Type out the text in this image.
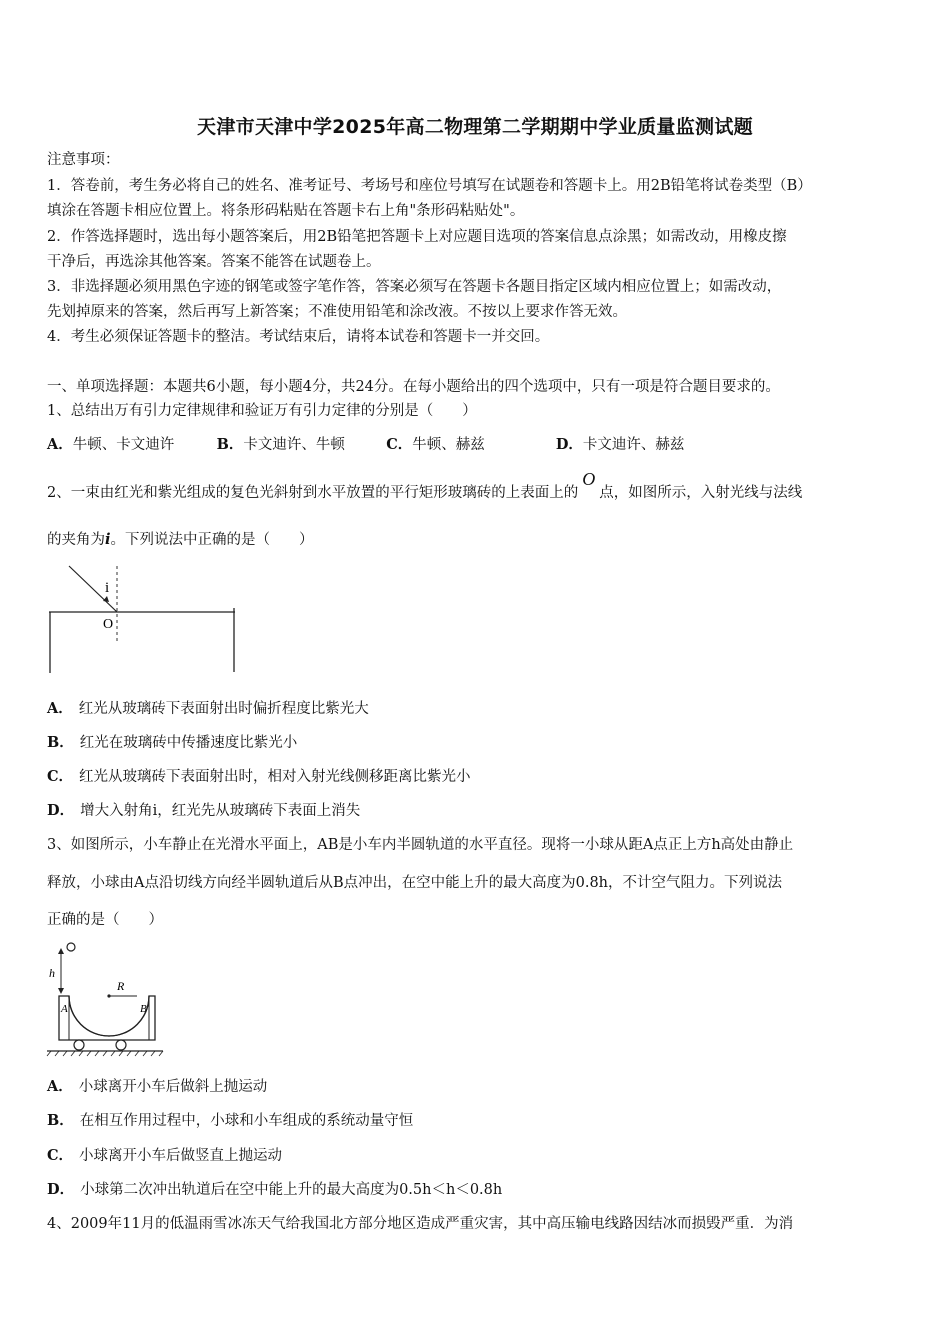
天津市天津中学2025年高二物理第二学期期中学业质量监测试题
注意事项：
1．答卷前，考生务必将自己的姓名、准考证号、考场号和座位号填写在试题卷和答题卡上。用2B铅笔将试卷类型（B）
填涂在答题卡相应位置上。将条形码粘贴在答题卡右上角"条形码粘贴处"。
2．作答选择题时，选出每小题答案后，用2B铅笔把答题卡上对应题目选项的答案信息点涂黑；如需改动，用橡皮擦
干净后，再选涂其他答案。答案不能答在试题卷上。
3．非选择题必须用黑色字迹的钢笔或签字笔作答，答案必须写在答题卡各题目指定区域内相应位置上；如需改动，
先划掉原来的答案，然后再写上新答案；不准使用铅笔和涂改液。不按以上要求作答无效。
4．考生必须保证答题卡的整洁。考试结束后，请将本试卷和答题卡一并交回。
一、单项选择题：本题共6小题，每小题4分，共24分。在每小题给出的四个选项中，只有一项是符合题目要求的。
1、总结出万有引力定律规律和验证万有引力定律的分别是（　　）
A．牛顿、卡文迪许	B．卡文迪许、牛顿	C．牛顿、赫兹	D．卡文迪许、赫兹
2、一束由红光和紫光组成的复色光斜射到水平放置的平行矩形玻璃砖的上表面上的O点，如图所示，入射光线与法线
的夹角为i。下列说法中正确的是（　　）
i
O
A． 红光从玻璃砖下表面射出时偏折程度比紫光大
B． 红光在玻璃砖中传播速度比紫光小
C． 红光从玻璃砖下表面射出时，相对入射光线侧移距离比紫光小
D． 增大入射角i，红光先从玻璃砖下表面上消失
3、如图所示，小车静止在光滑水平面上，AB是小车内半圆轨道的水平直径。现将一小球从距A点正上方h高处由静止
释放，小球由A点沿切线方向经半圆轨道后从B点冲出，在空中能上升的最大高度为0.8h，不计空气阻力。下列说法
正确的是（　　）
h
R
A	B
A． 小球离开小车后做斜上抛运动
B． 在相互作用过程中，小球和小车组成的系统动量守恒
C． 小球离开小车后做竖直上抛运动
D． 小球第二次冲出轨道后在空中能上升的最大高度为0.5h＜h＜0.8h
4、2009年11月的低温雨雪冰冻天气给我国北方部分地区造成严重灾害，其中高压输电线路因结冰而损毁严重．为消
